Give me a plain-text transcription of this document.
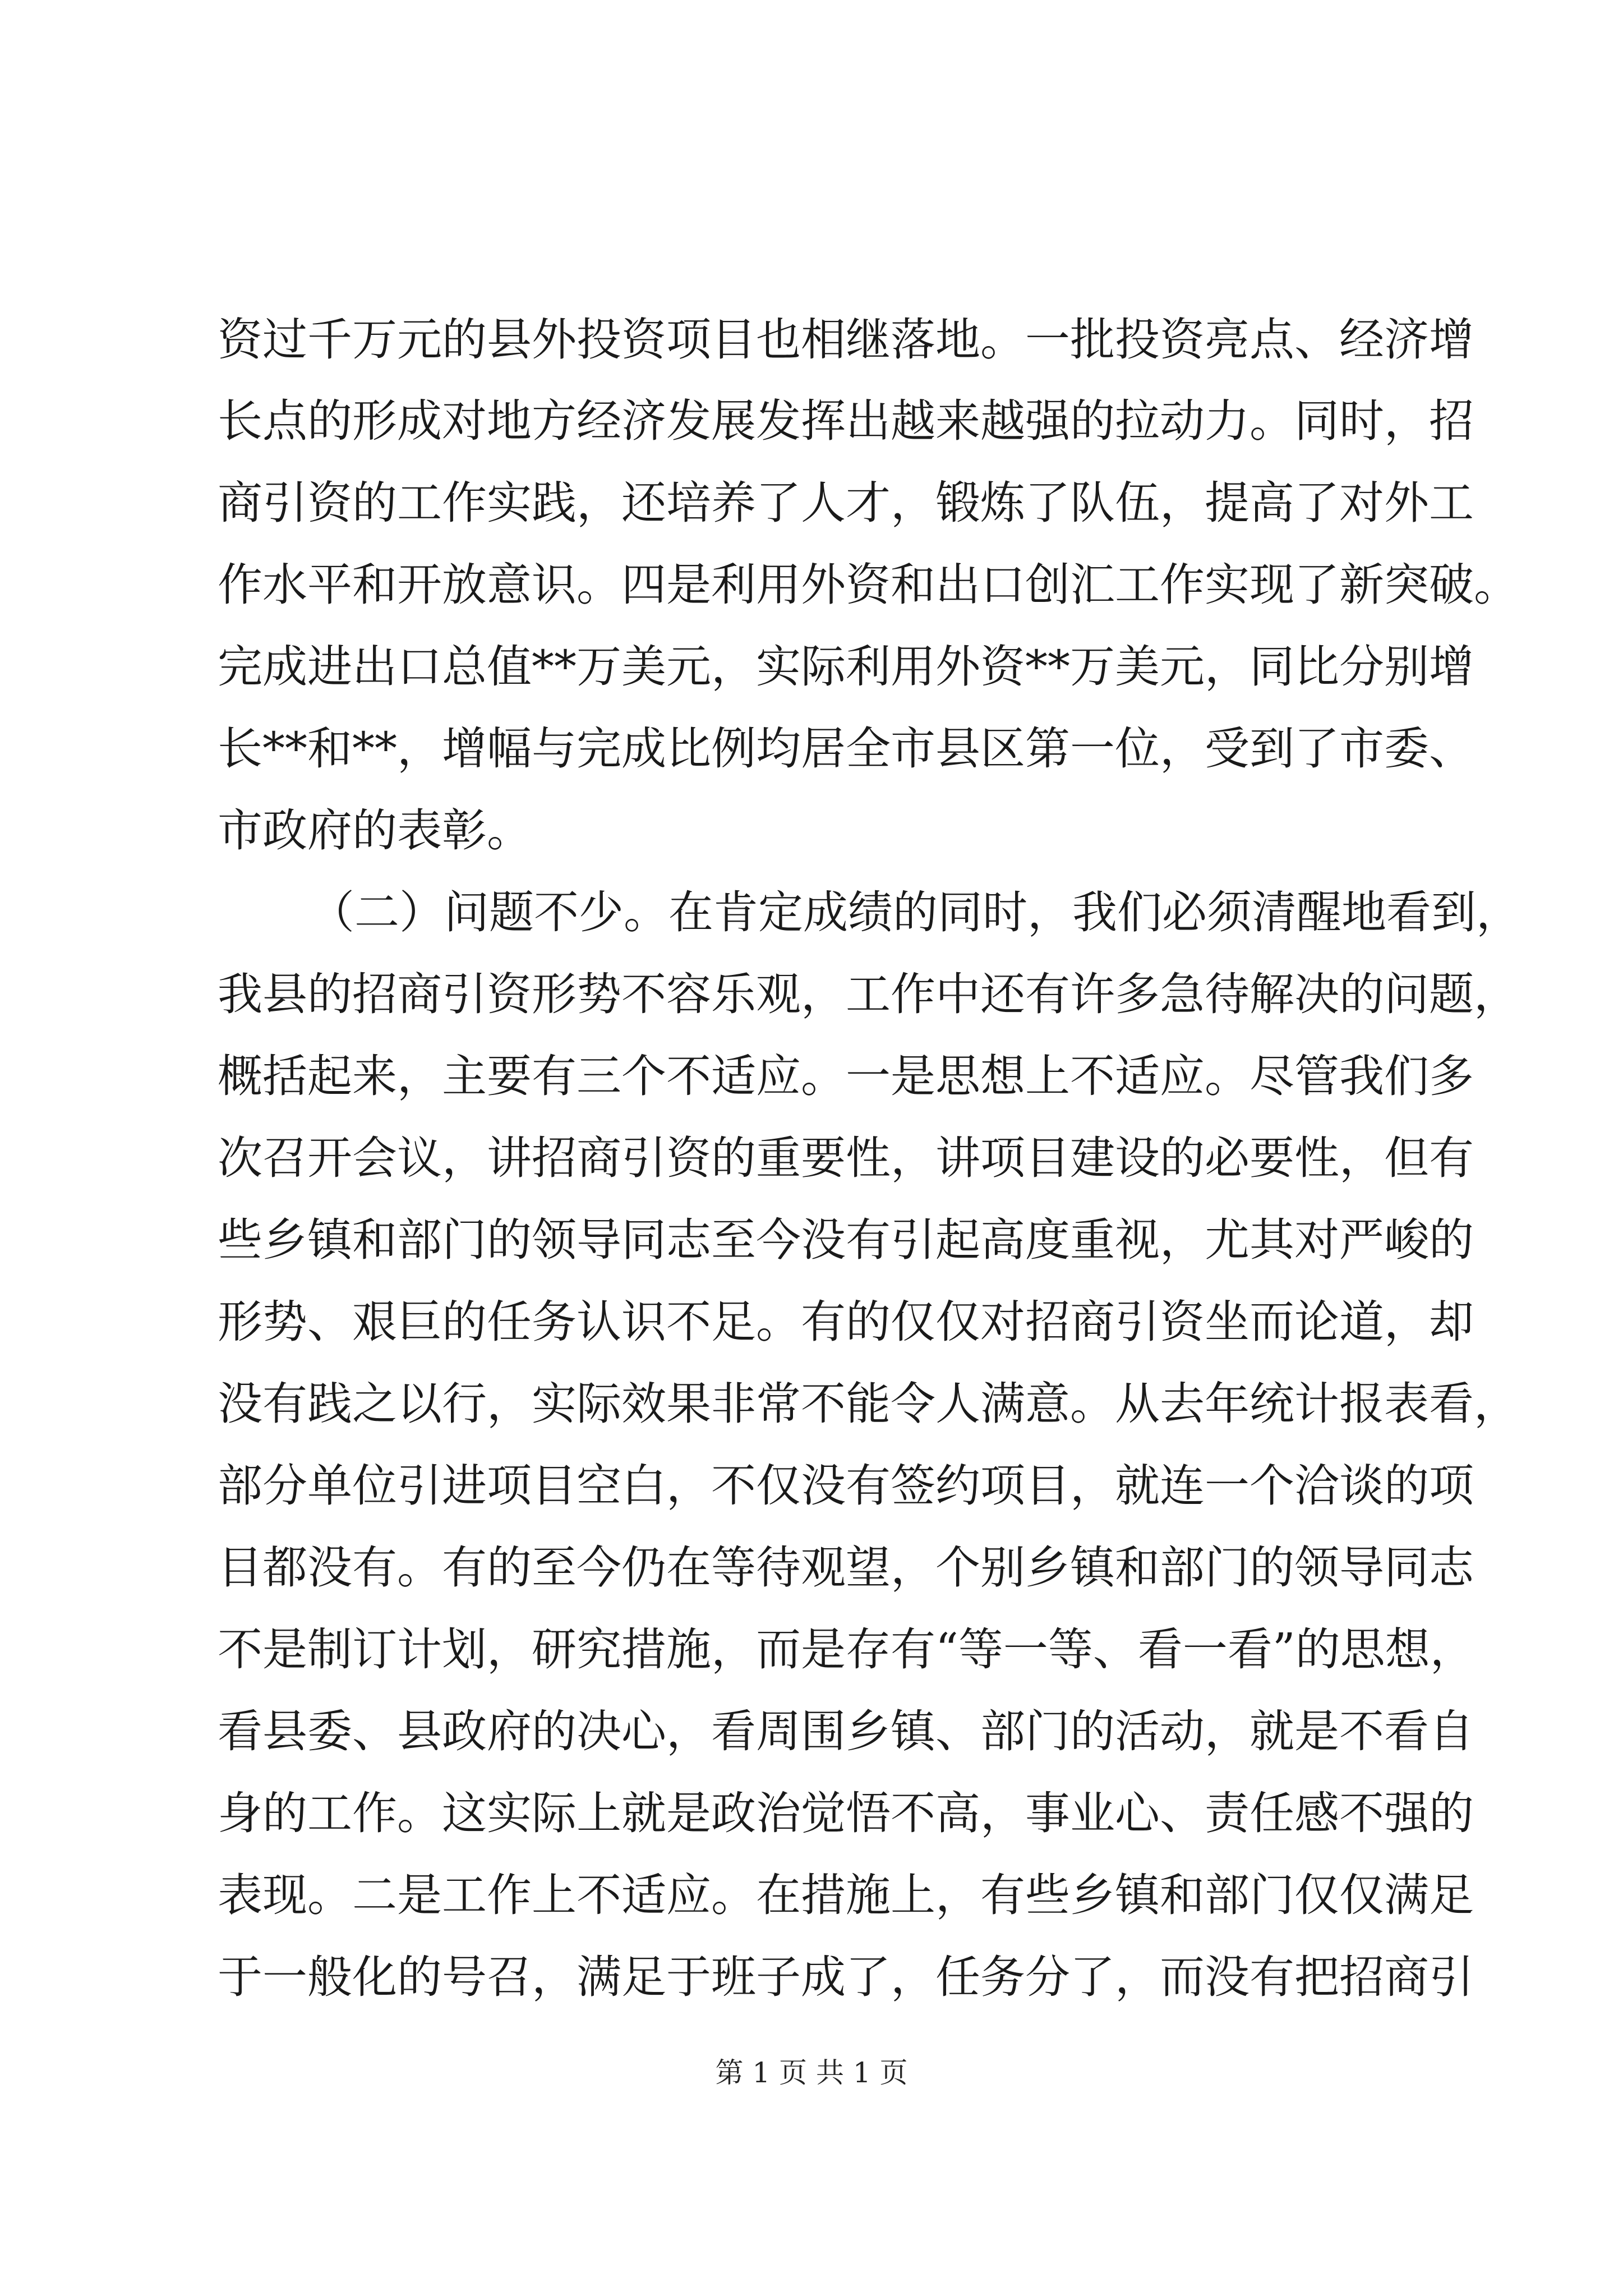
资过千万元的县外投资项目也相继落地。一批投资亮点、经济增
长点的形成对地方经济发展发挥出越来越强的拉动力。同时，招
商引资的工作实践，还培养了人才，锻炼了队伍，提高了对外工
作水平和开放意识。四是利用外资和出口创汇工作实现了新突破。
完成进出口总值**万美元，实际利用外资**万美元，同比分别增
长**和**，增幅与完成比例均居全市县区第一位，受到了市委、
市政府的表彰。
（二）问题不少。在肯定成绩的同时，我们必须清醒地看到，
我县的招商引资形势不容乐观，工作中还有许多急待解决的问题，
概括起来，主要有三个不适应。一是思想上不适应。尽管我们多
次召开会议，讲招商引资的重要性，讲项目建设的必要性，但有
些乡镇和部门的领导同志至今没有引起高度重视，尤其对严峻的
形势、艰巨的任务认识不足。有的仅仅对招商引资坐而论道，却
没有践之以行，实际效果非常不能令人满意。从去年统计报表看，
部分单位引进项目空白，不仅没有签约项目，就连一个洽谈的项
目都没有。有的至今仍在等待观望，个别乡镇和部门的领导同志
不是制订计划，研究措施，而是存有“等一等、看一看”的思想，
看县委、县政府的决心，看周围乡镇、部门的活动，就是不看自
身的工作。这实际上就是政治觉悟不高，事业心、责任感不强的
表现。二是工作上不适应。在措施上，有些乡镇和部门仅仅满足
于一般化的号召，满足于班子成了，任务分了，而没有把招商引
第 1 页 共 1 页
